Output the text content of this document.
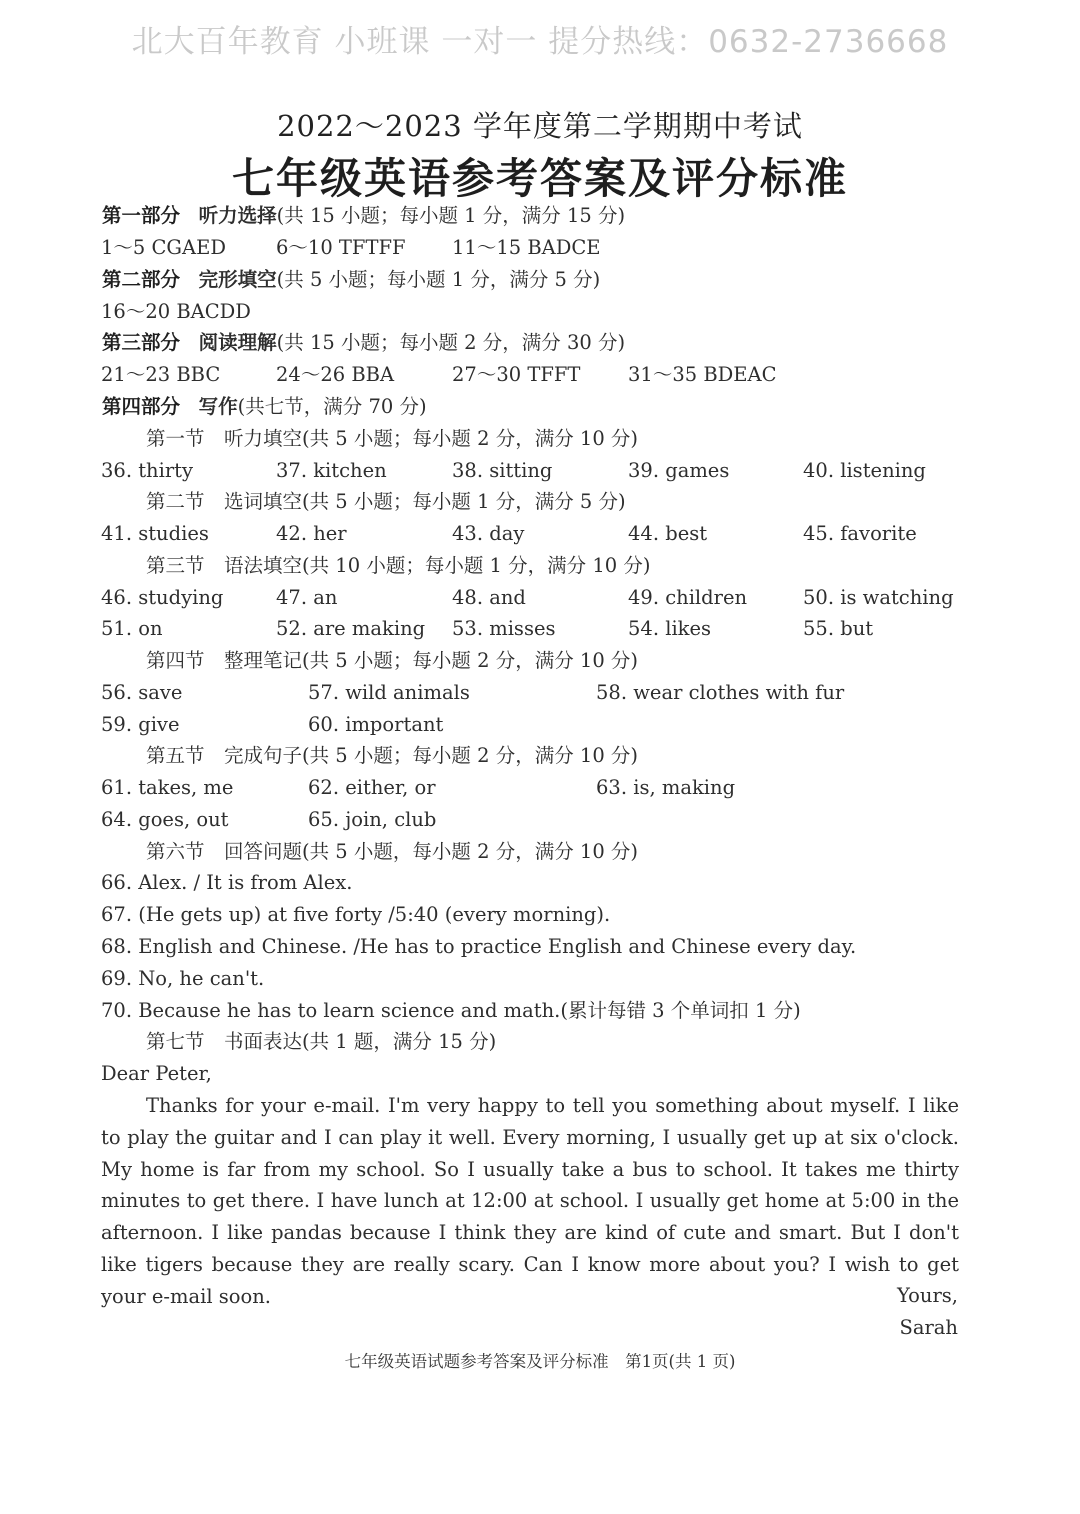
北大百年教育 小班课 一对一 提分热线：0632-2736668
2022～2023 学年度第二学期期中考试
七年级英语参考答案及评分标准
第一部分 听力选择(共 15 小题；每小题 1 分，满分 15 分)
1～5 CGAED	6～10 TFTFF 11～15 BADCE
第二部分 完形填空(共 5 小题；每小题 1 分，满分 5 分)
16～20 BACDD
第三部分 阅读理解(共 15 小题；每小题 2 分，满分 30 分)
21～23 BBC	24～26 BBA	27～30 TFFT 31～35 BDEAC
第四部分 写作(共七节，满分 70 分)
第一节　听力填空(共 5 小题；每小题 2 分，满分 10 分)
36. thirty	37. kitchen	38. sitting	39. games	40. listening
第二节　选词填空(共 5 小题；每小题 1 分，满分 5 分)
41. studies	42. her	43. day	44. best	45. favorite
第三节　语法填空(共 10 小题；每小题 1 分，满分 10 分)
46. studying	47. an	48. and	49. children	50. is watching
51. on	52. are making 53. misses	54. likes	55. but
第四节　整理笔记(共 5 小题；每小题 2 分，满分 10 分)
56. save	57. wild animals	58. wear clothes with fur
59. give	60. important
第五节　完成句子(共 5 小题；每小题 2 分，满分 10 分)
61. takes, me	62. either, or	63. is, making
64. goes, out	65. join, club
第六节　回答问题(共 5 小题，每小题 2 分，满分 10 分)
66. Alex. / It is from Alex.
67. (He gets up) at five forty /5:40 (every morning).
68. English and Chinese. /He has to practice English and Chinese every day.
69. No, he can't.
70. Because he has to learn science and math.(累计每错 3 个单词扣 1 分)
第七节　书面表达(共 1 题，满分 15 分)
Dear Peter,
Thanks for your e-mail. I'm very happy to tell you something about myself. I like to play the guitar and I can play it well. Every morning, I usually get up at six o'clock. My home is far from my school. So I usually take a bus to school. It takes me thirty minutes to get there. I have lunch at 12:00 at school. I usually get home at 5:00 in the afternoon. I like pandas because I think they are kind of cute and smart. But I don't like tigers because they are really scary. Can I know more about you? I wish to get your e-mail soon.	Yours,
Sarah
七年级英语试题参考答案及评分标准　第1页(共 1 页)
